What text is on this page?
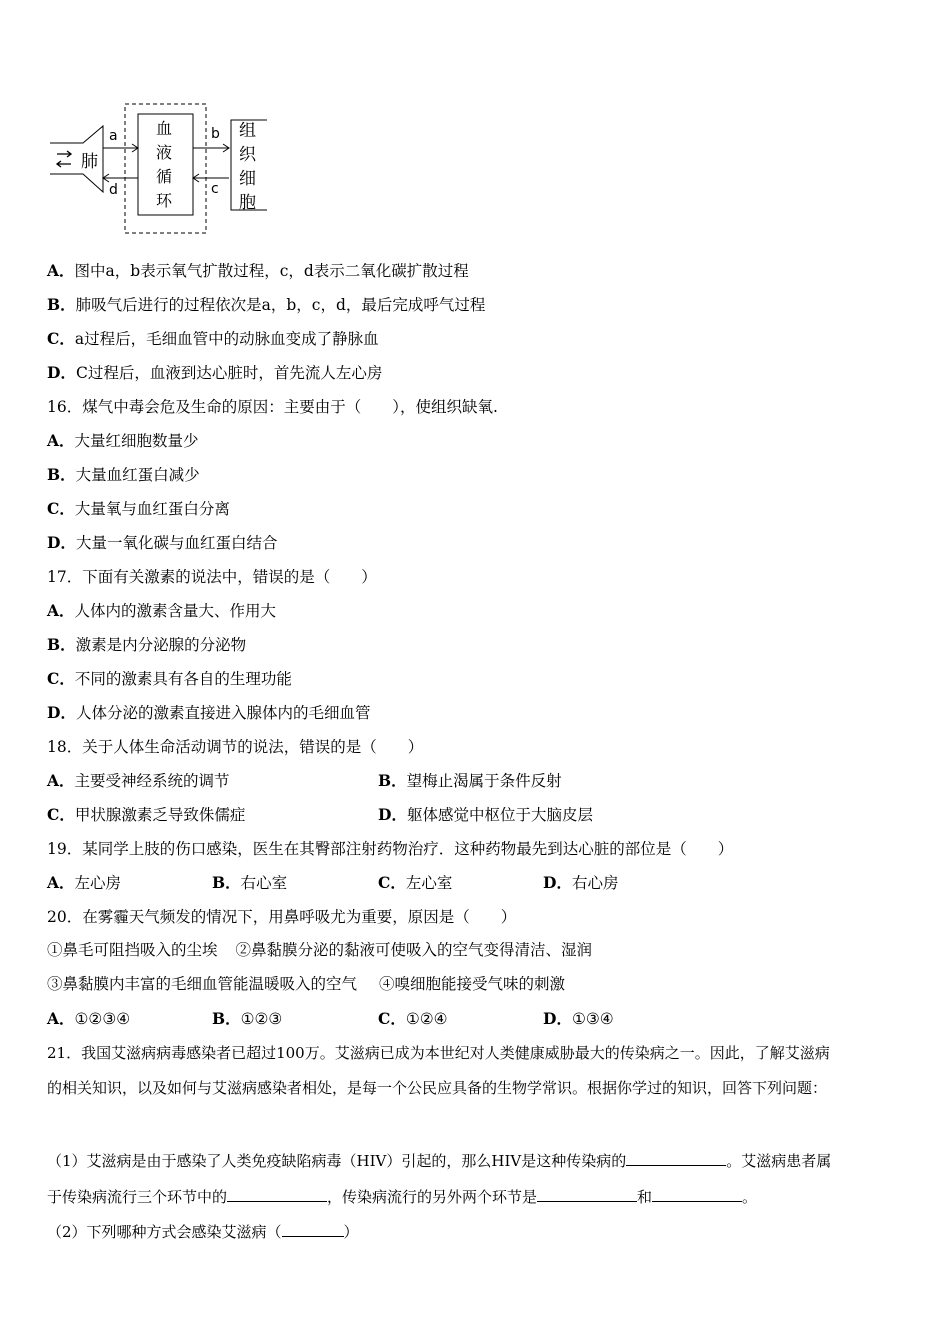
a
d
b
c
肺
血
液
循
环
组
织
细
胞
A．图中a，b表示氧气扩散过程，c，d表示二氧化碳扩散过程
B．肺吸气后进行的过程依次是a，b，c，d，最后完成呼气过程
C．a过程后，毛细血管中的动脉血变成了静脉血
D．C过程后，血液到达心脏时，首先流人左心房
16．煤气中毒会危及生命的原因：主要由于（　　），使组织缺氧.
A．大量红细胞数量少
B．大量血红蛋白减少
C．大量氧与血红蛋白分离
D．大量一氧化碳与血红蛋白结合
17．下面有关激素的说法中，错误的是（　　）
A．人体内的激素含量大、作用大
B．激素是内分泌腺的分泌物
C．不同的激素具有各自的生理功能
D．人体分泌的激素直接进入腺体内的毛细血管
18．关于人体生命活动调节的说法，错误的是（　　）
A．主要受神经系统的调节	B．望梅止渴属于条件反射
C．甲状腺激素乏导致侏儒症	D．躯体感觉中枢位于大脑皮层
19．某同学上肢的伤口感染，医生在其臀部注射药物治疗．这种药物最先到达心脏的部位是（　　）
A．左心房	B．右心室	C．左心室	D．右心房
20．在雾霾天气频发的情况下，用鼻呼吸尤为重要，原因是（　　）
①鼻毛可阻挡吸入的尘埃 ②鼻黏膜分泌的黏液可使吸入的空气变得清洁、湿润
③鼻黏膜内丰富的毛细血管能温暖吸入的空气 ④嗅细胞能接受气味的刺激
A．①②③④	B．①②③	C．①②④	D．①③④
21．我国艾滋病病毒感染者已超过100万。艾滋病已成为本世纪对人类健康威胁最大的传染病之一。因此，了解艾滋病
的相关知识，以及如何与艾滋病感染者相处，是每一个公民应具备的生物学常识。根据你学过的知识，回答下列问题：
（1）艾滋病是由于感染了人类免疫缺陷病毒（HIV）引起的，那么HIV是这种传染病的	。艾滋病患者属
于传染病流行三个环节中的	，传染病流行的另外两个环节是	和	。
（2）下列哪种方式会感染艾滋病（	）
